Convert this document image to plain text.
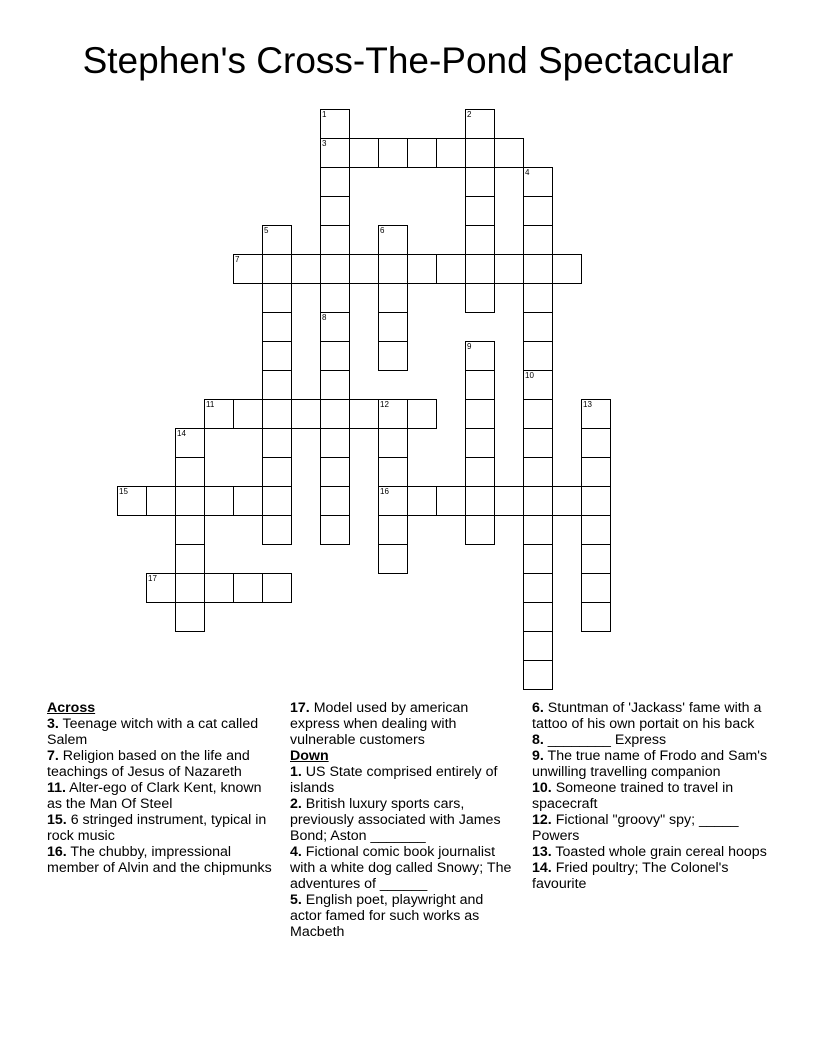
Stephen's Cross-The-Pond Spectacular
3
7
11	12
15	16
17
1	2
4
5	6
8
9
10
13
14
Across
3. Teenage witch with a cat called Salem
7. Religion based on the life and teachings of Jesus of Nazareth
11. Alter-ego of Clark Kent, known as the Man Of Steel
15. 6 stringed instrument, typical in rock music
16. The chubby, impressional member of Alvin and the chipmunks
17. Model used by american express when dealing with vulnerable customers
Down
1. US State comprised entirely of islands
2. British luxury sports cars, previously associated with James Bond; Aston _______
4. Fictional comic book journalist with a white dog called Snowy; The adventures of ______
5. English poet, playwright and actor famed for such works as Macbeth
6. Stuntman of 'Jackass' fame with a tattoo of his own portait on his back
8. ________ Express
9. The true name of Frodo and Sam's unwilling travelling companion
10. Someone trained to travel in spacecraft
12. Fictional "groovy" spy; _____ Powers
13. Toasted whole grain cereal hoops
14. Fried poultry; The Colonel's favourite
